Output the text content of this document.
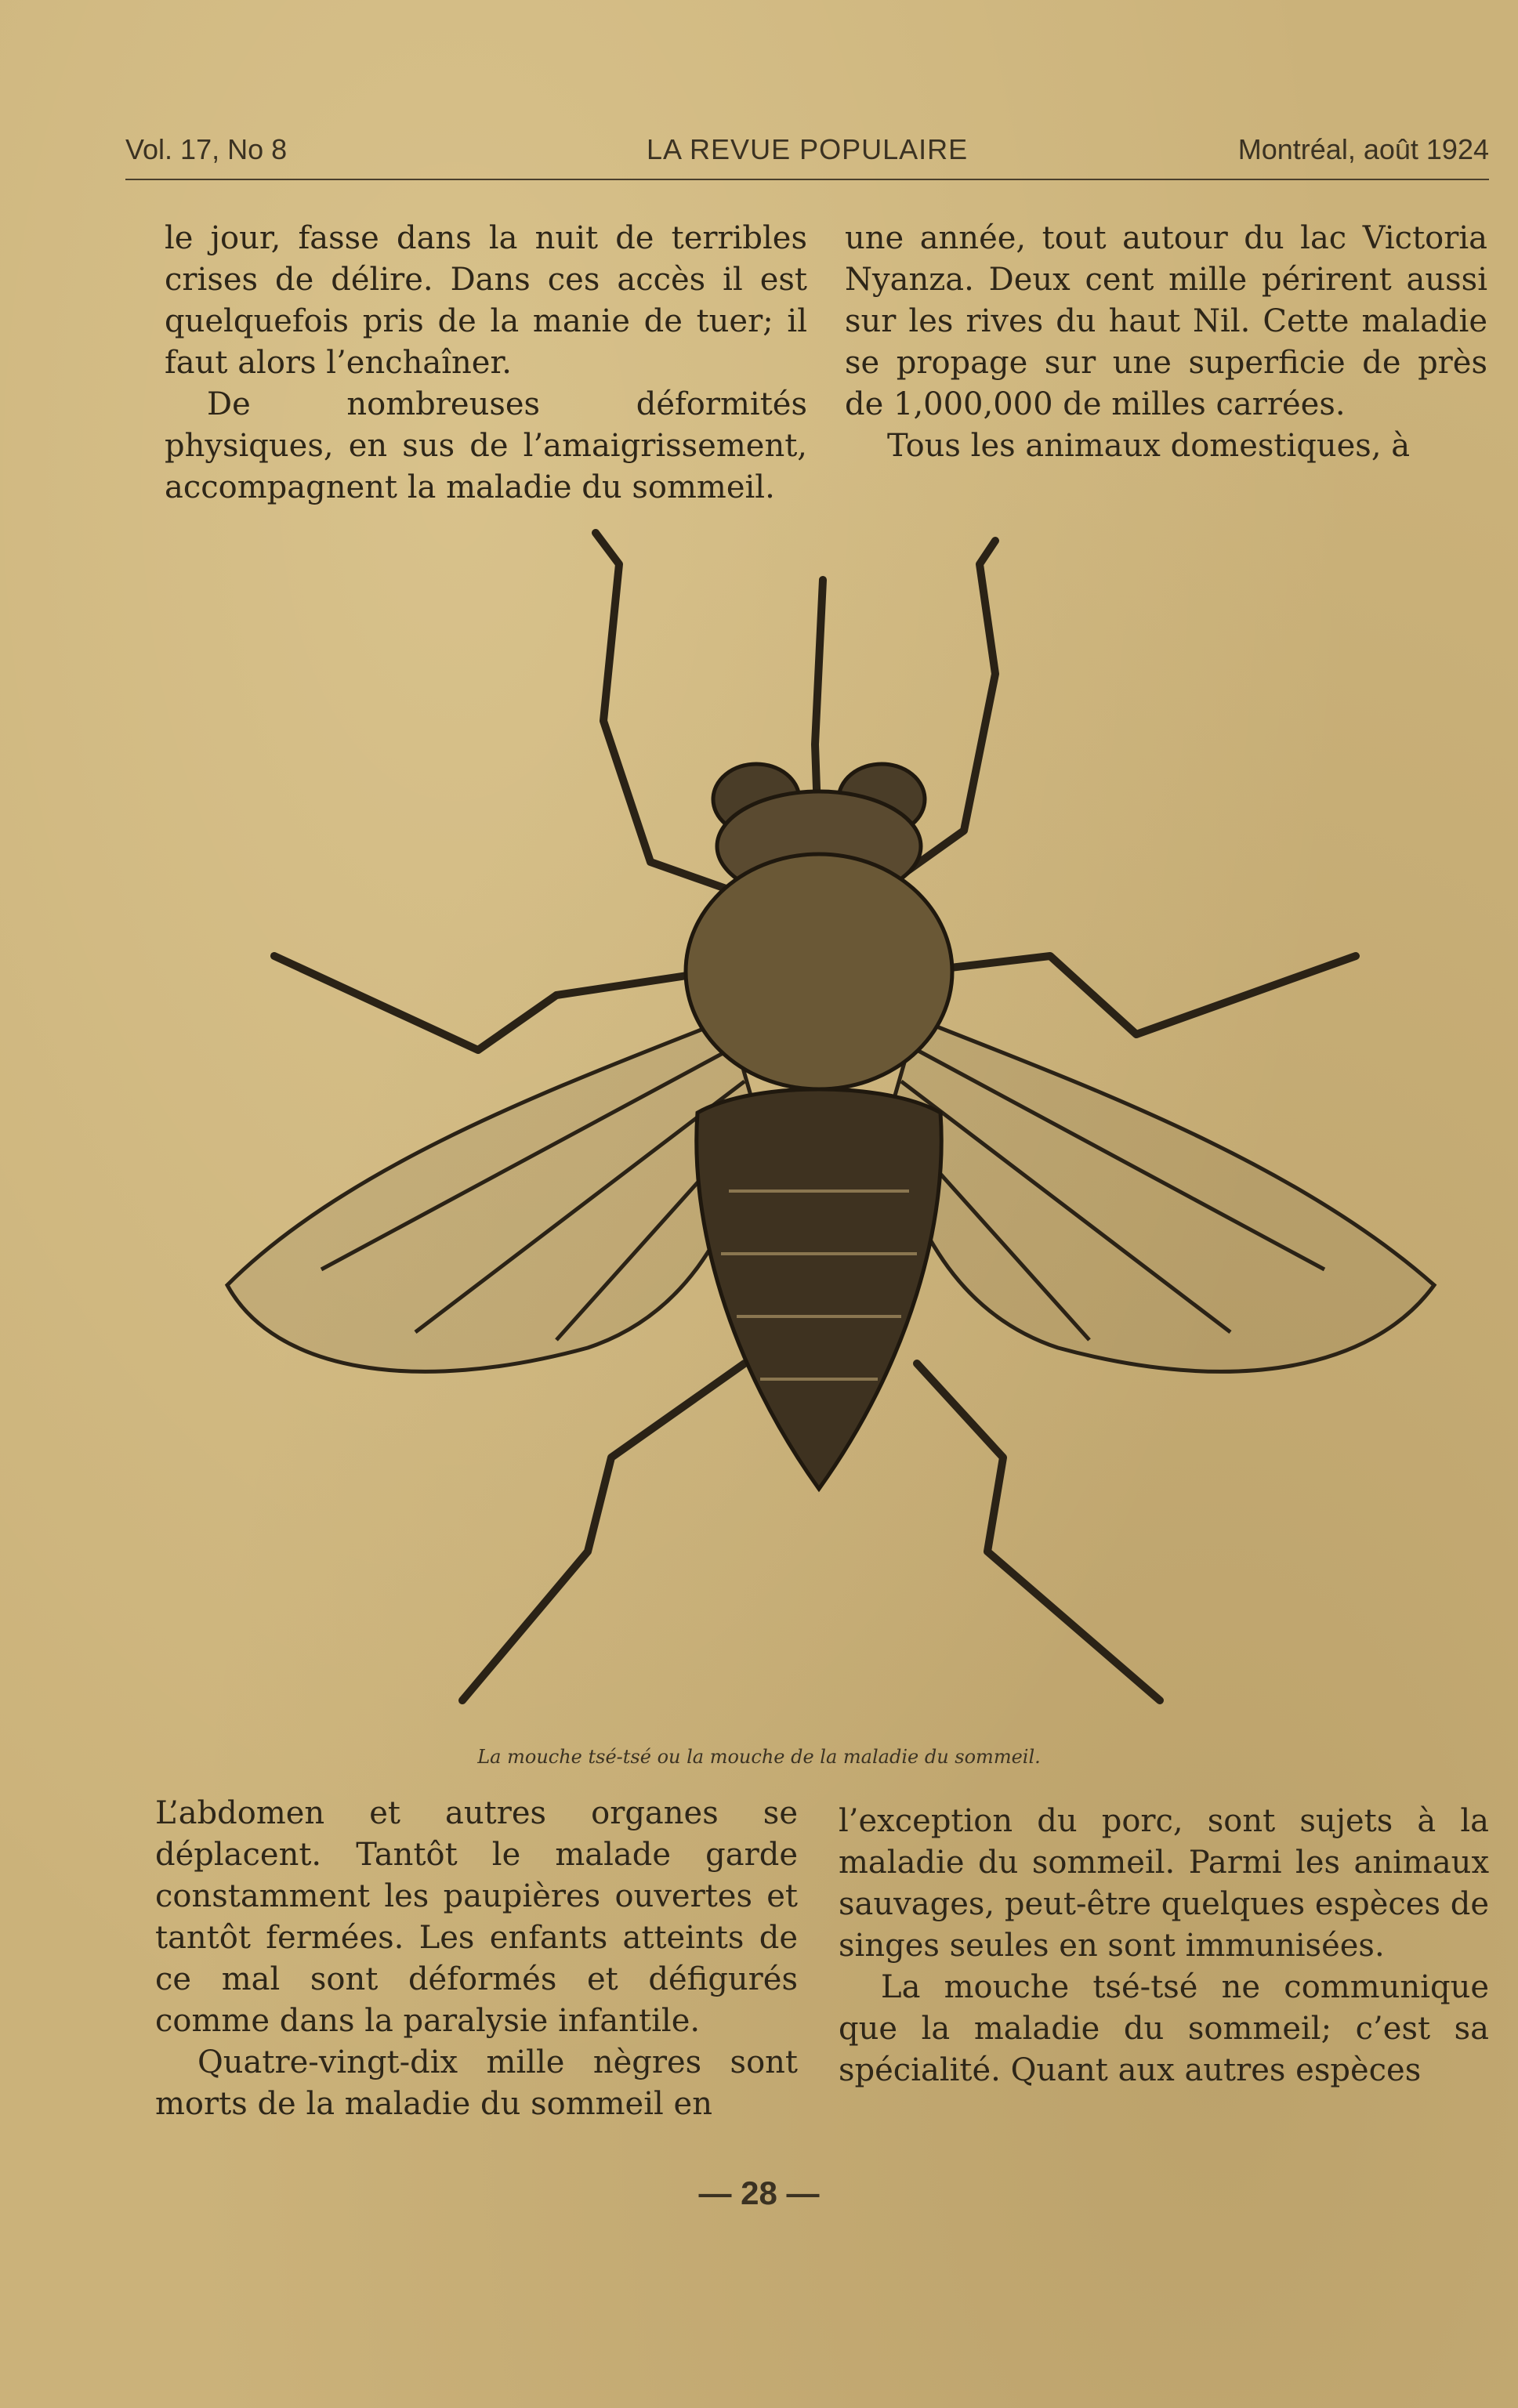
Vol. 17, No 8	LA REVUE POPULAIRE	Montréal, août 1924

le jour, fasse dans la nuit de terribles crises de délire. Dans ces accès il est quelquefois pris de la manie de tuer; il faut alors l’enchaîner.

De nombreuses déformités physiques, en sus de l’amaigrissement, accompagnent la maladie du sommeil.

une année, tout autour du lac Victoria Nyanza. Deux cent mille périrent aussi sur les rives du haut Nil. Cette maladie se propage sur une superficie de près de 1,000,000 de milles carrées.

Tous les animaux domestiques, à

La mouche tsé-tsé ou la mouche de la maladie du sommeil.

L’abdomen et autres organes se déplacent. Tantôt le malade garde constamment les paupières ouvertes et tantôt fermées. Les enfants atteints de ce mal sont déformés et défigurés comme dans la paralysie infantile.

Quatre-vingt-dix mille nègres sont morts de la maladie du sommeil en

l’exception du porc, sont sujets à la maladie du sommeil. Parmi les animaux sauvages, peut-être quelques espèces de singes seules en sont immunisées.

La mouche tsé-tsé ne communique que la maladie du sommeil; c’est sa spécialité. Quant aux autres espèces

— 28 —
